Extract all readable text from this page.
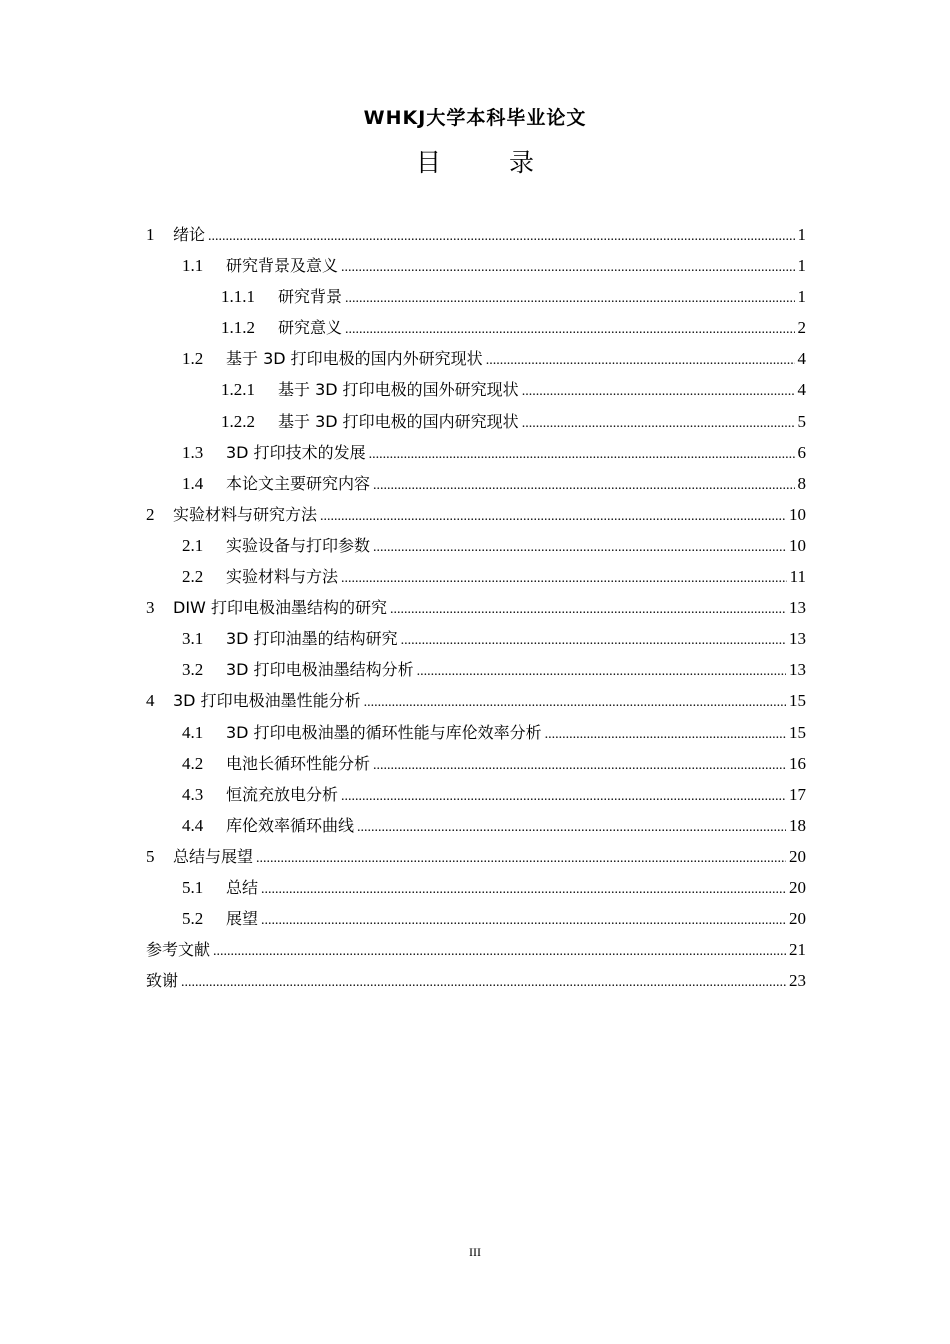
WHKJ大学本科毕业论文
目 录
1	绪论 .....	1
1.1	研究背景及意义 .....	1
1.1.1	研究背景 .....	1
1.1.2	研究意义 .....	2
1.2	基于 3D 打印电极的国内外研究现状 .....	4
1.2.1	基于 3D 打印电极的国外研究现状 .....	4
1.2.2	基于 3D 打印电极的国内研究现状 .....	5
1.3	3D 打印技术的发展 .....	6
1.4	本论文主要研究内容 .....	8
2	实验材料与研究方法 .....	10
2.1	实验设备与打印参数 .....	10
2.2	实验材料与方法 .....	11
3	DIW 打印电极油墨结构的研究 .....	13
3.1	3D 打印油墨的结构研究 .....	13
3.2	3D 打印电极油墨结构分析 .....	13
4	3D 打印电极油墨性能分析 .....	15
4.1	3D 打印电极油墨的循环性能与库伦效率分析 .....	15
4.2	电池长循环性能分析 .....	16
4.3	恒流充放电分析 .....	17
4.4	库伦效率循环曲线 .....	18
5	总结与展望 .....	20
5.1	总结 .....	20
5.2	展望 .....	20
参考文献 .....	21
致谢 .....	23
III
